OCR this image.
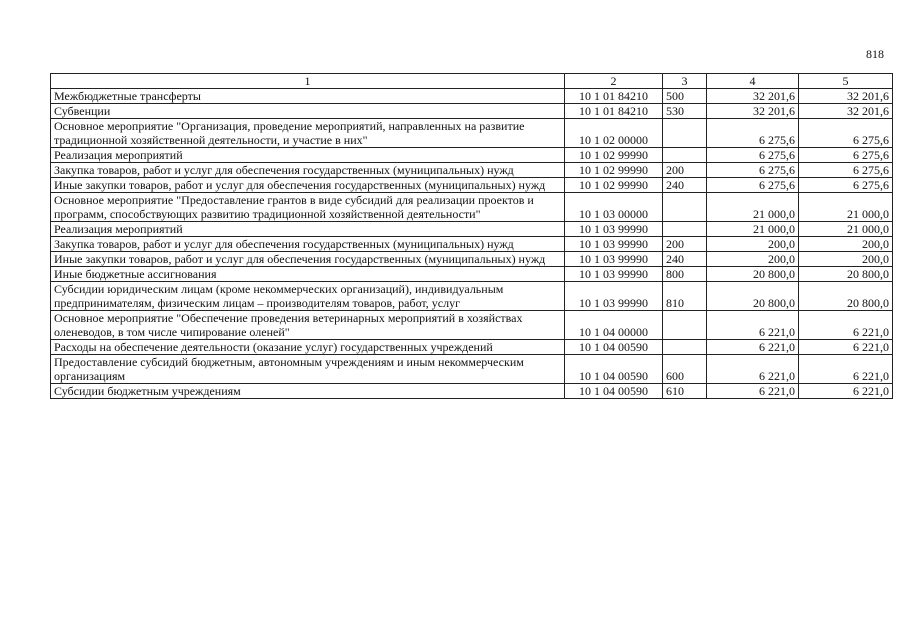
818
1	2	3	4	5
Межбюджетные трансферты	10 1 01 84210	500	32 201,6	32 201,6
Субвенции	10 1 01 84210	530	32 201,6	32 201,6
Основное мероприятие "Организация, проведение мероприятий, направленных на развитие традиционной хозяйственной деятельности, и участие в них"	10 1 02 00000		6 275,6	6 275,6
Реализация мероприятий	10 1 02 99990		6 275,6	6 275,6
Закупка товаров, работ и услуг для обеспечения государственных (муниципальных) нужд	10 1 02 99990	200	6 275,6	6 275,6
Иные закупки товаров, работ и услуг для обеспечения государственных (муниципальных) нужд	10 1 02 99990	240	6 275,6	6 275,6
Основное мероприятие "Предоставление грантов в виде субсидий для реализации проектов и программ, способствующих развитию традиционной хозяйственной деятельности"	10 1 03 00000		21 000,0	21 000,0
Реализация мероприятий	10 1 03 99990		21 000,0	21 000,0
Закупка товаров, работ и услуг для обеспечения государственных (муниципальных) нужд	10 1 03 99990	200	200,0	200,0
Иные закупки товаров, работ и услуг для обеспечения государственных (муниципальных) нужд	10 1 03 99990	240	200,0	200,0
Иные бюджетные ассигнования	10 1 03 99990	800	20 800,0	20 800,0
Субсидии юридическим лицам (кроме некоммерческих организаций), индивидуальным предпринимателям, физическим лицам – производителям товаров, работ, услуг	10 1 03 99990	810	20 800,0	20 800,0
Основное мероприятие "Обеспечение проведения ветеринарных мероприятий в хозяйствах оленеводов, в том числе чипирование оленей"	10 1 04 00000		6 221,0	6 221,0
Расходы на обеспечение деятельности (оказание услуг) государственных учреждений	10 1 04 00590		6 221,0	6 221,0
Предоставление субсидий бюджетным, автономным учреждениям и иным некоммерческим организациям	10 1 04 00590	600	6 221,0	6 221,0
Субсидии бюджетным учреждениям	10 1 04 00590	610	6 221,0	6 221,0
